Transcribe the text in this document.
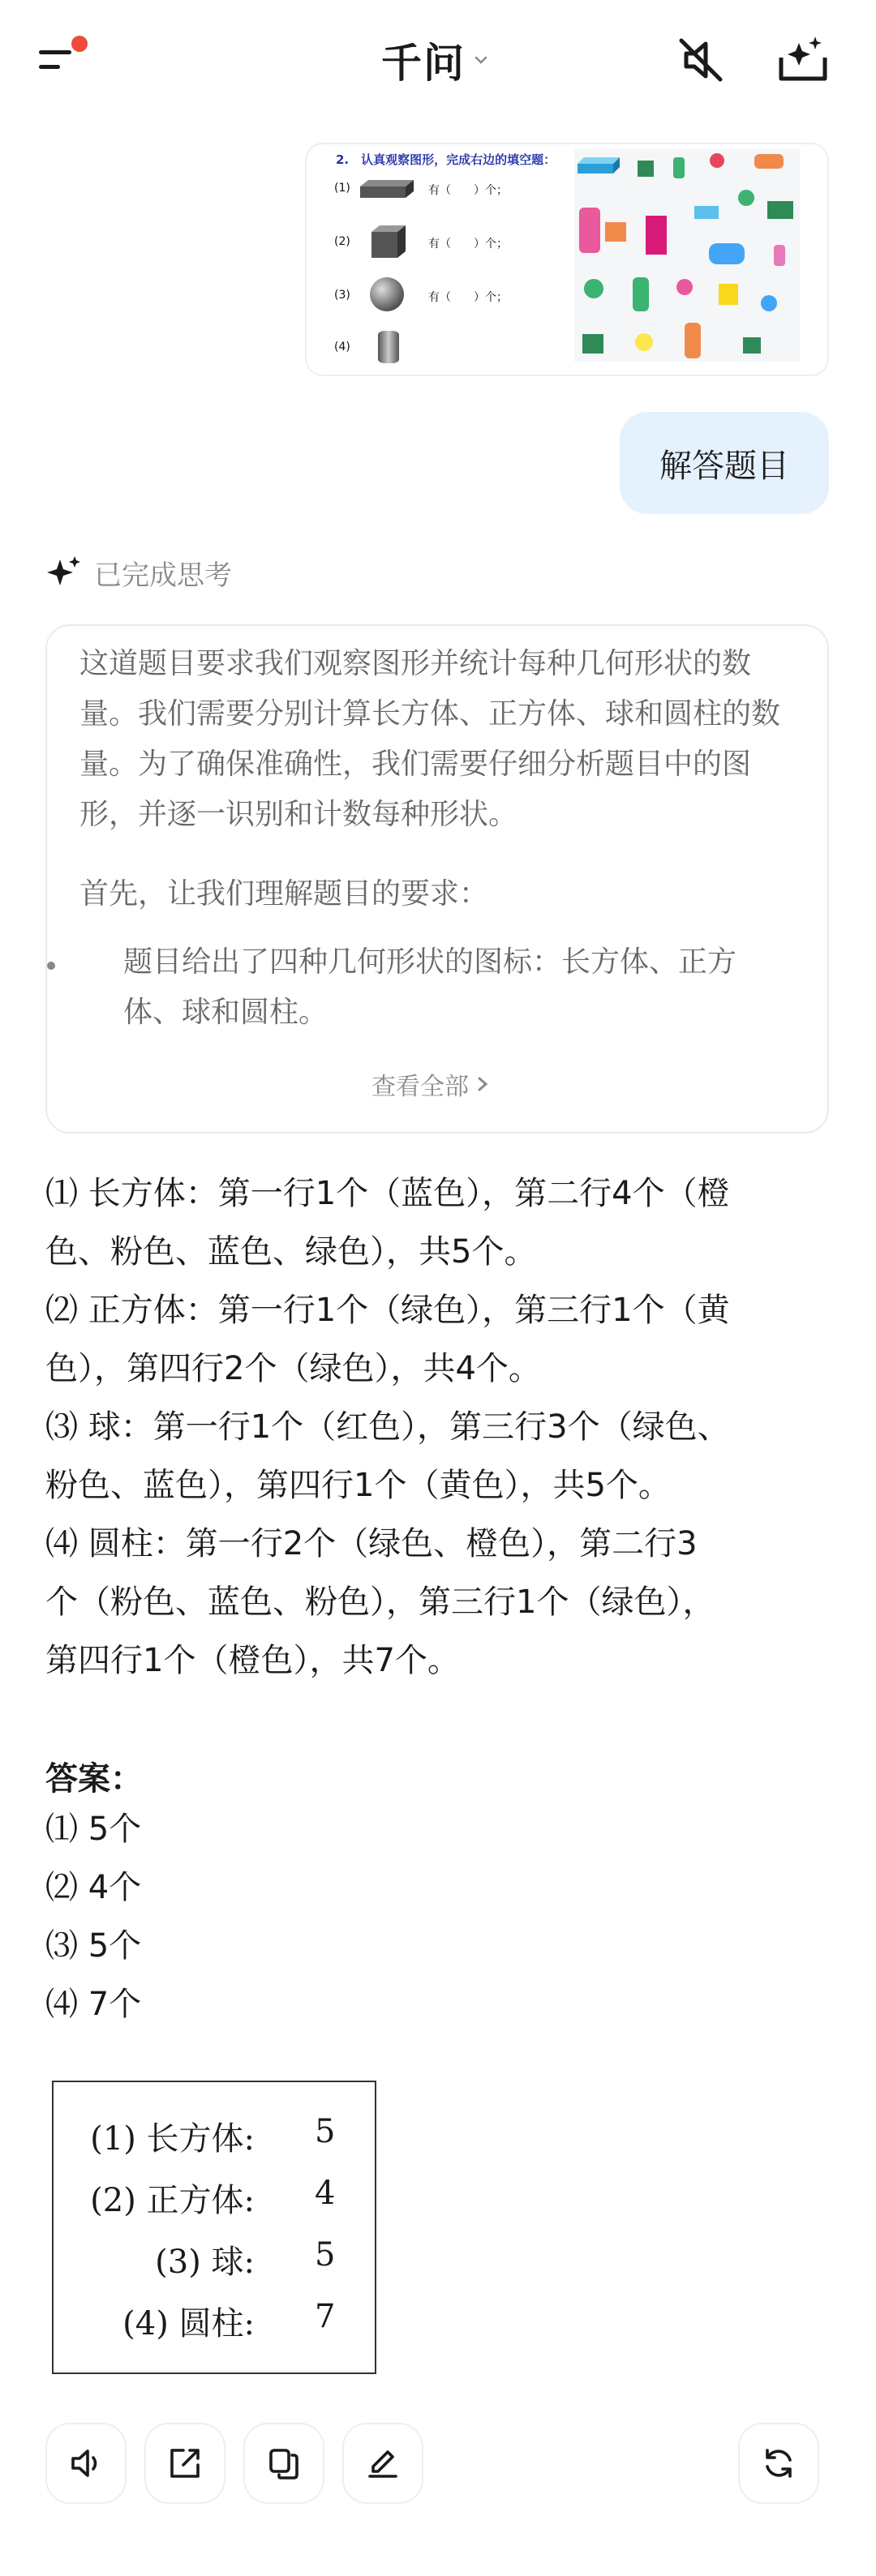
千问
2.　认真观察图形，完成右边的填空题：
(1)	有（　　）个；
(2)	有（　　）个；
(3)	有（　　）个；
(4)
解答题目
已完成思考
这道题目要求我们观察图形并统计每种几何形状的数量。我们需要分别计算长方体、正方体、球和圆柱的数量。为了确保准确性，我们需要仔细分析题目中的图形，并逐一识别和计数每种形状。
首先，让我们理解题目的要求：
题目给出了四种几何形状的图标：长方体、正方体、球和圆柱。
查看全部
⑴ 长方体：第一行1个（蓝色），第二行4个（橙
色、粉色、蓝色、绿色），共5个。
⑵ 正方体：第一行1个（绿色），第三行1个（黄
色），第四行2个（绿色），共4个。
⑶ 球：第一行1个（红色），第三行3个（绿色、
粉色、蓝色），第四行1个（黄色），共5个。
⑷ 圆柱：第一行2个（绿色、橙色），第二行3
个（粉色、蓝色、粉色），第三行1个（绿色），
第四行1个（橙色），共7个。
答案：
⑴ 5个
⑵ 4个
⑶ 5个
⑷ 7个
(1) 长方体: 5
(2) 正方体: 4
(3) 球: 5
(4) 圆柱: 7
